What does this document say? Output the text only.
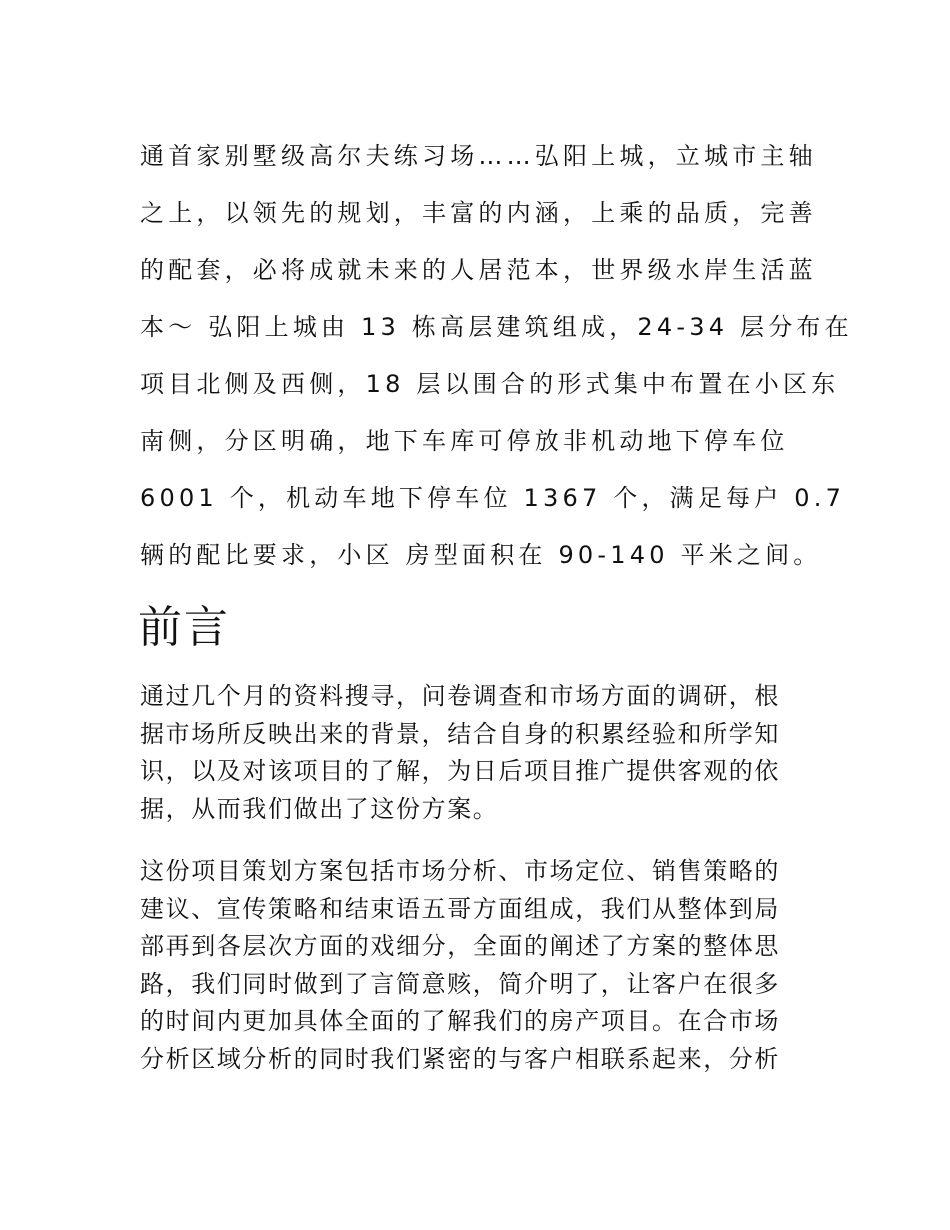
通首家别墅级高尔夫练习场……弘阳上城，立城市主轴
之上，以领先的规划，丰富的内涵，上乘的品质，完善
的配套，必将成就未来的人居范本，世界级水岸生活蓝
本～ 弘阳上城由 13 栋高层建筑组成，24-34 层分布在
项目北侧及西侧，18 层以围合的形式集中布置在小区东
南侧，分区明确，地下车库可停放非机动地下停车位
6001 个，机动车地下停车位 1367 个，满足每户 0.7
辆的配比要求，小区 房型面积在 90-140 平米之间。
前言
通过几个月的资料搜寻，问卷调查和市场方面的调研，根
据市场所反映出来的背景，结合自身的积累经验和所学知
识，以及对该项目的了解，为日后项目推广提供客观的依
据，从而我们做出了这份方案。
这份项目策划方案包括市场分析、市场定位、销售策略的
建议、宣传策略和结束语五哥方面组成，我们从整体到局
部再到各层次方面的戏细分，全面的阐述了方案的整体思
路，我们同时做到了言简意赅，简介明了，让客户在很多
的时间内更加具体全面的了解我们的房产项目。在合市场
分析区域分析的同时我们紧密的与客户相联系起来，分析
